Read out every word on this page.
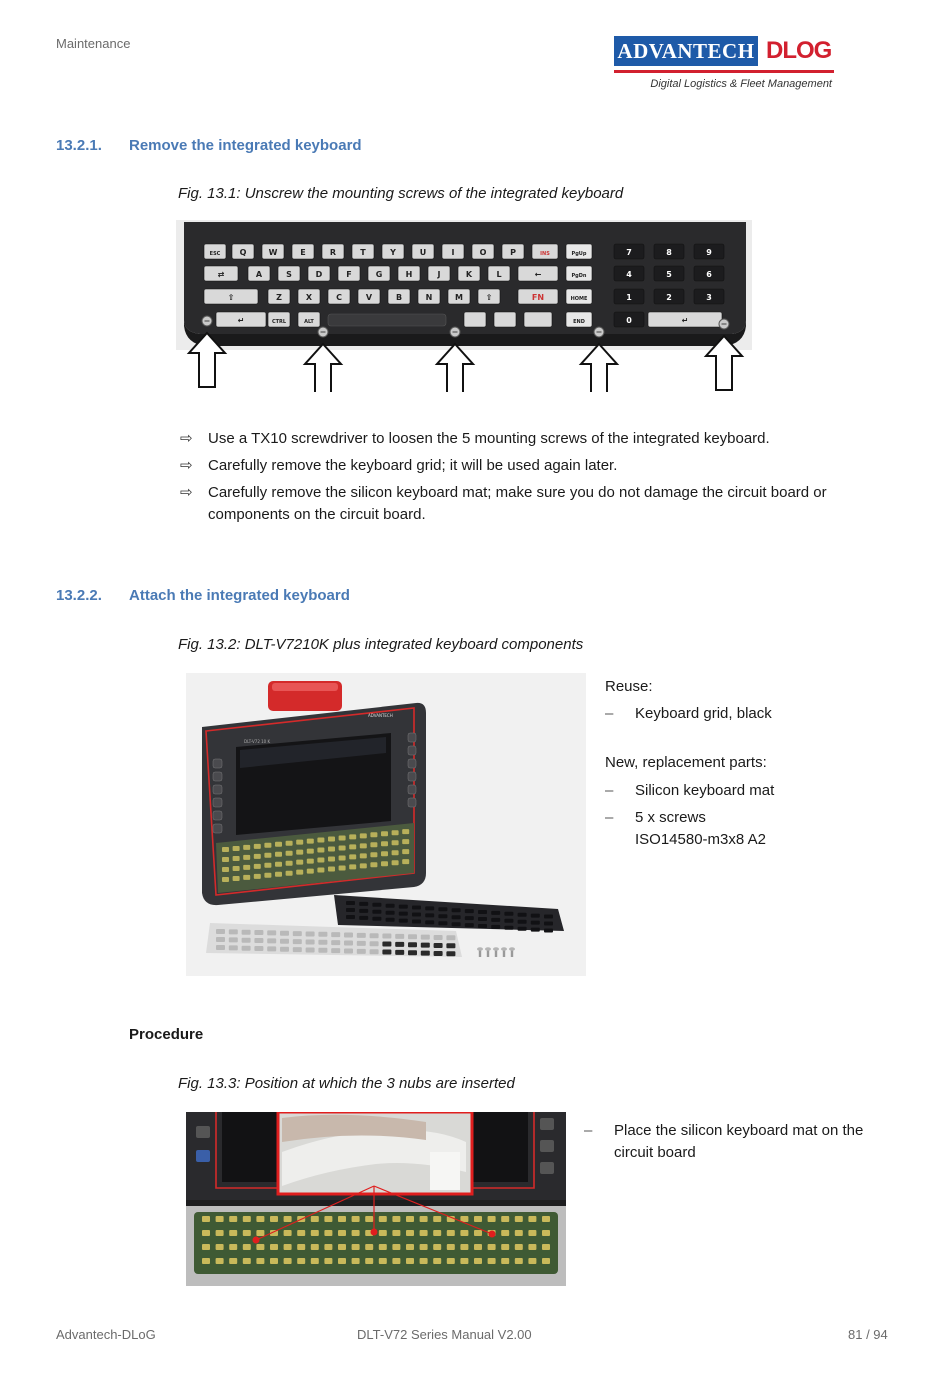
Maintenance	ADVANTECH DLOG
Digital Logistics & Fleet Management
13.2.1. Remove the integrated keyboard
Fig. 13.1: Unscrew the mounting screws of the integrated keyboard
ESC Q	W	E	R	T	Y	U	I	O	P	INS	PgUp	7	8	9
⇄	A	S	D	F	G	H	J	K	L	←	PgDn	4	5	6
⇧	Z	X	C	V	B	N	M	⇧	FN	HOME	1	2	3
↵	CTRL	ALT	END	0	↵
⇨	Use a TX10 screwdriver to loosen the 5 mounting screws of the integrated keyboard.
⇨	Carefully remove the keyboard grid; it will be used again later.
⇨	Carefully remove the silicon keyboard mat; make sure you do not damage the circuit board or components on the circuit board.
13.2.2. Attach the integrated keyboard
Fig. 13.2: DLT-V7210K plus integrated keyboard components
DLT-V72 10 K
ADVANTECH
Reuse:
– Keyboard grid, black
New, replacement parts:
– Silicon keyboard mat
– 5 x screws
ISO14580-m3x8 A2
Procedure
Fig. 13.3: Position at which the 3 nubs are inserted
– Place the silicon keyboard mat on the circuit board
Advantech-DLoG	DLT-V72 Series Manual V2.00	81 / 94
